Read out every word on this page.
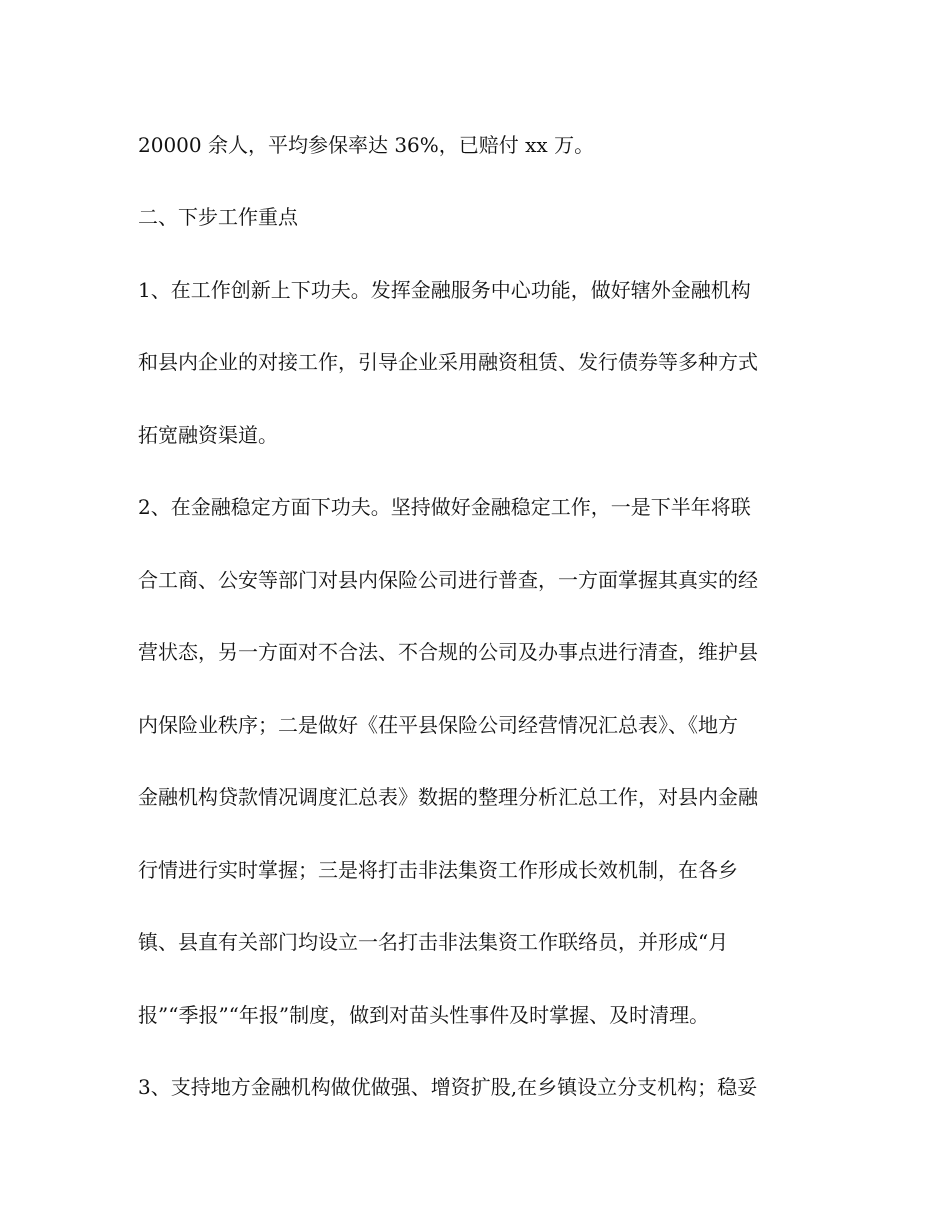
20000 余人，平均参保率达 36%，已赔付 xx 万。

二、下步工作重点

1、在工作创新上下功夫。发挥金融服务中心功能，做好辖外金融机构

和县内企业的对接工作，引导企业采用融资租赁、发行债券等多种方式

拓宽融资渠道。

2、在金融稳定方面下功夫。坚持做好金融稳定工作，一是下半年将联

合工商、公安等部门对县内保险公司进行普查，一方面掌握其真实的经

营状态，另一方面对不合法、不合规的公司及办事点进行清查，维护县

内保险业秩序；二是做好《茌平县保险公司经营情况汇总表》、《地方

金融机构贷款情况调度汇总表》数据的整理分析汇总工作，对县内金融

行情进行实时掌握；三是将打击非法集资工作形成长效机制，在各乡

镇、县直有关部门均设立一名打击非法集资工作联络员，并形成“月

报”“季报”“年报”制度，做到对苗头性事件及时掌握、及时清理。

3、支持地方金融机构做优做强、增资扩股,在乡镇设立分支机构；稳妥
